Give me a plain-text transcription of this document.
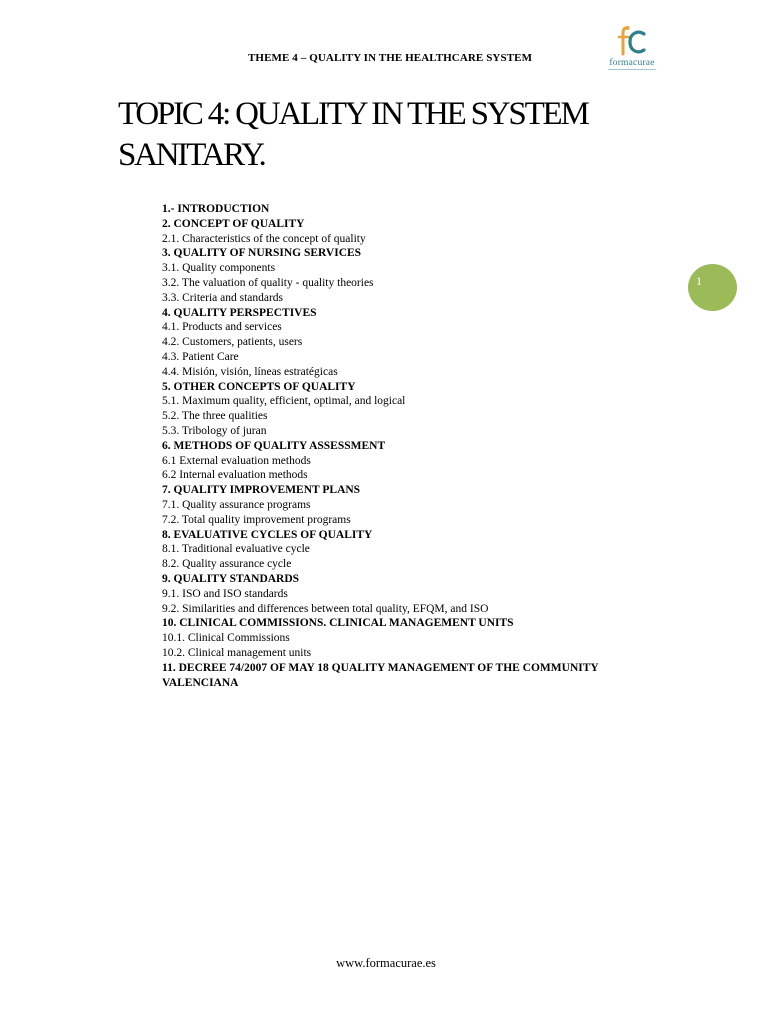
THEME 4 – QUALITY IN THE HEALTHCARE SYSTEM	formacurae
TOPIC 4: QUALITY IN THE SYSTEM SANITARY.
1
1.- INTRODUCTION
2. CONCEPT OF QUALITY
2.1. Characteristics of the concept of quality
3. QUALITY OF NURSING SERVICES
3.1. Quality components
3.2. The valuation of quality - quality theories
3.3. Criteria and standards
4. QUALITY PERSPECTIVES
4.1. Products and services
4.2. Customers, patients, users
4.3. Patient Care
4.4. Misión, visión, líneas estratégicas
5. OTHER CONCEPTS OF QUALITY
5.1. Maximum quality, efficient, optimal, and logical
5.2. The three qualities
5.3. Tribology of juran
6. METHODS OF QUALITY ASSESSMENT
6.1 External evaluation methods
6.2 Internal evaluation methods
7. QUALITY IMPROVEMENT PLANS
7.1. Quality assurance programs
7.2. Total quality improvement programs
8. EVALUATIVE CYCLES OF QUALITY
8.1. Traditional evaluative cycle
8.2. Quality assurance cycle
9. QUALITY STANDARDS
9.1. ISO and ISO standards
9.2. Similarities and differences between total quality, EFQM, and ISO
10. CLINICAL COMMISSIONS. CLINICAL MANAGEMENT UNITS
10.1. Clinical Commissions
10.2. Clinical management units
11. DECREE 74/2007 OF MAY 18 QUALITY MANAGEMENT OF THE COMMUNITY VALENCIANA
www.formacurae.es
